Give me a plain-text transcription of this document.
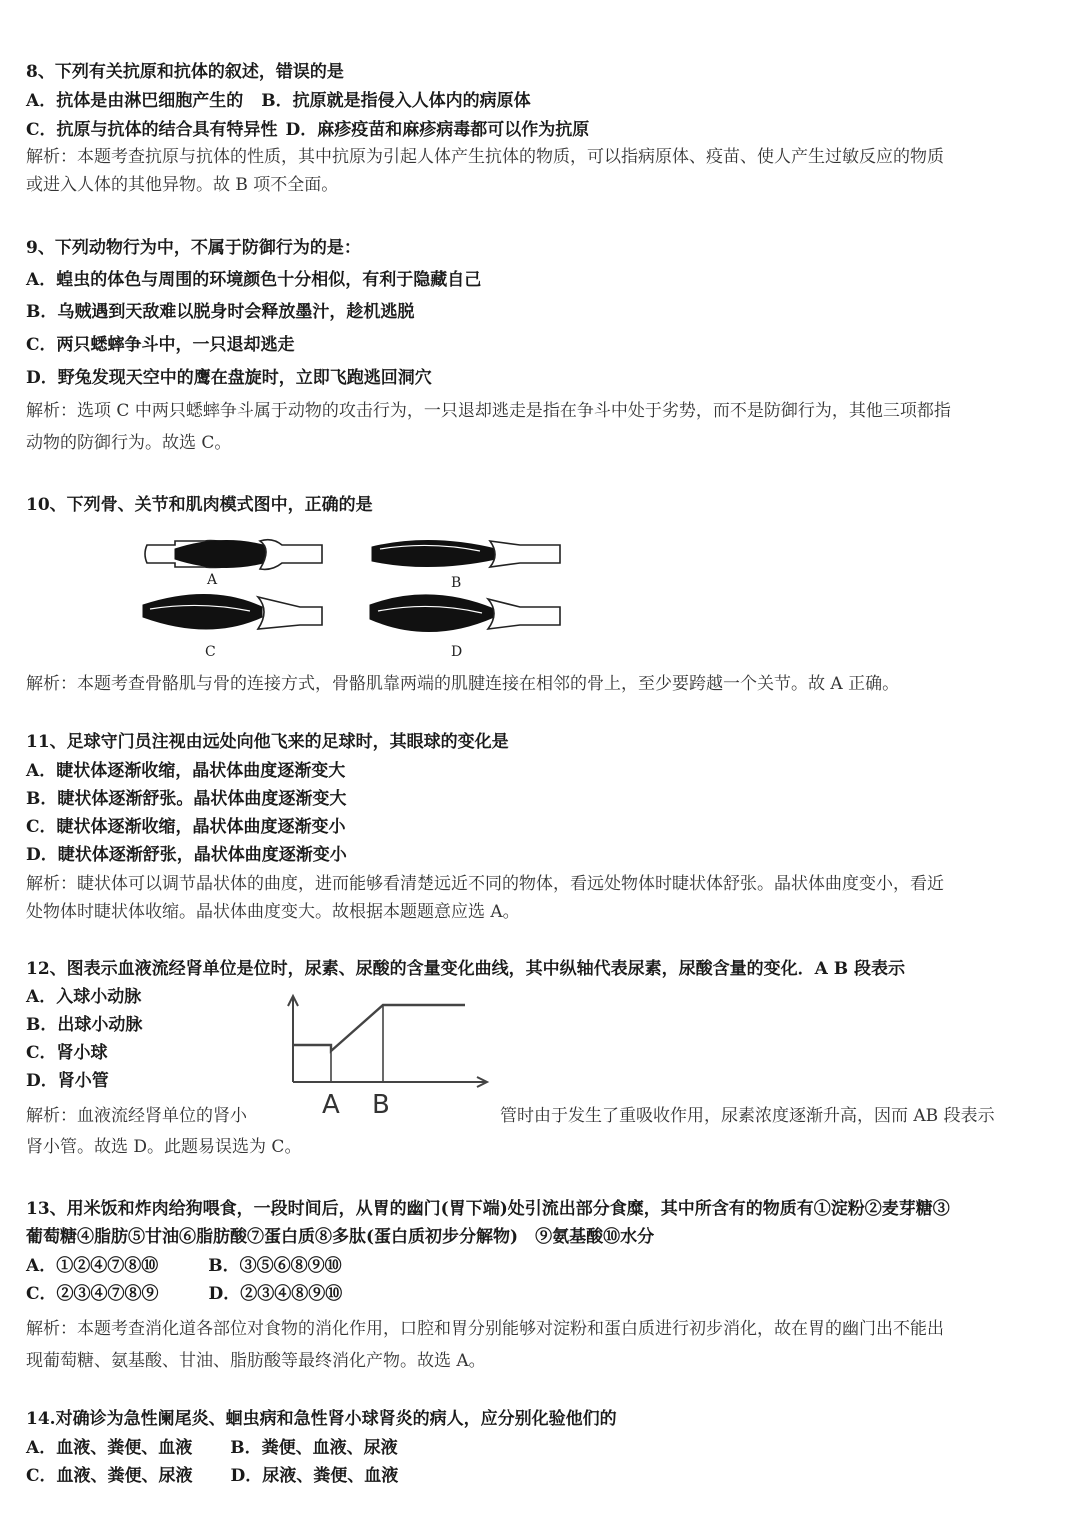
8、下列有关抗原和抗体的叙述，错误的是
A．抗体是由淋巴细胞产生的 B．抗原就是指侵入人体内的病原体
C．抗原与抗体的结合具有特异性 D．麻疹疫苗和麻疹病毒都可以作为抗原
解析：本题考查抗原与抗体的性质，其中抗原为引起人体产生抗体的物质，可以指病原体、疫苗、使人产生过敏反应的物质
或进入人体的其他异物。故 B 项不全面。
9、下列动物行为中，不属于防御行为的是：
A．蝗虫的体色与周围的环境颜色十分相似，有利于隐藏自己
B．乌贼遇到天敌难以脱身时会释放墨汁，趁机逃脱
C．两只蟋蟀争斗中，一只退却逃走
D．野兔发现天空中的鹰在盘旋时，立即飞跑逃回洞穴
解析：选项 C 中两只蟋蟀争斗属于动物的攻击行为，一只退却逃走是指在争斗中处于劣势，而不是防御行为，其他三项都指
动物的防御行为。故选 C。
10、下列骨、关节和肌肉模式图中，正确的是
A	B
C	D
解析：本题考查骨骼肌与骨的连接方式，骨骼肌靠两端的肌腱连接在相邻的骨上，至少要跨越一个关节。故 A 正确。
11、足球守门员注视由远处向他飞来的足球时，其眼球的变化是
A．睫状体逐渐收缩，晶状体曲度逐渐变大
B．睫状体逐渐舒张。晶状体曲度逐渐变大
C．睫状体逐渐收缩，晶状体曲度逐渐变小
D．睫状体逐渐舒张，晶状体曲度逐渐变小
解析：睫状体可以调节晶状体的曲度，进而能够看清楚远近不同的物体，看远处物体时睫状体舒张。晶状体曲度变小，看近
处物体时睫状体收缩。晶状体曲度变大。故根据本题题意应选 A。
12、图表示血液流经肾单位是位时，尿素、尿酸的含量变化曲线，其中纵轴代表尿素，尿酸含量的变化．A B 段表示
A．入球小动脉
B．出球小动脉
C．肾小球
D．肾小管
A B
解析：血液流经肾单位的肾小	管时由于发生了重吸收作用，尿素浓度逐渐升高，因而 AB 段表示
肾小管。故选 D。此题易误选为 C。
13、用米饭和炸肉给狗喂食，一段时间后，从胃的幽门(胃下端)处引流出部分食糜，其中所含有的物质有①淀粉②麦芽糖③
葡萄糖④脂肪⑤甘油⑥脂肪酸⑦蛋白质⑧多肽(蛋白质初步分解物)　⑨氨基酸⑩水分
A．①②④⑦⑧⑩	B．③⑤⑥⑧⑨⑩
C．②③④⑦⑧⑨	D．②③④⑧⑨⑩
解析：本题考查消化道各部位对食物的消化作用，口腔和胃分别能够对淀粉和蛋白质进行初步消化，故在胃的幽门出不能出
现葡萄糖、氨基酸、甘油、脂肪酸等最终消化产物。故选 A。
14.对确诊为急性阑尾炎、蛔虫病和急性肾小球肾炎的病人，应分别化验他们的
A．血液、粪便、血液 B．粪便、血液、尿液
C．血液、粪便、尿液 D．尿液、粪便、血液
